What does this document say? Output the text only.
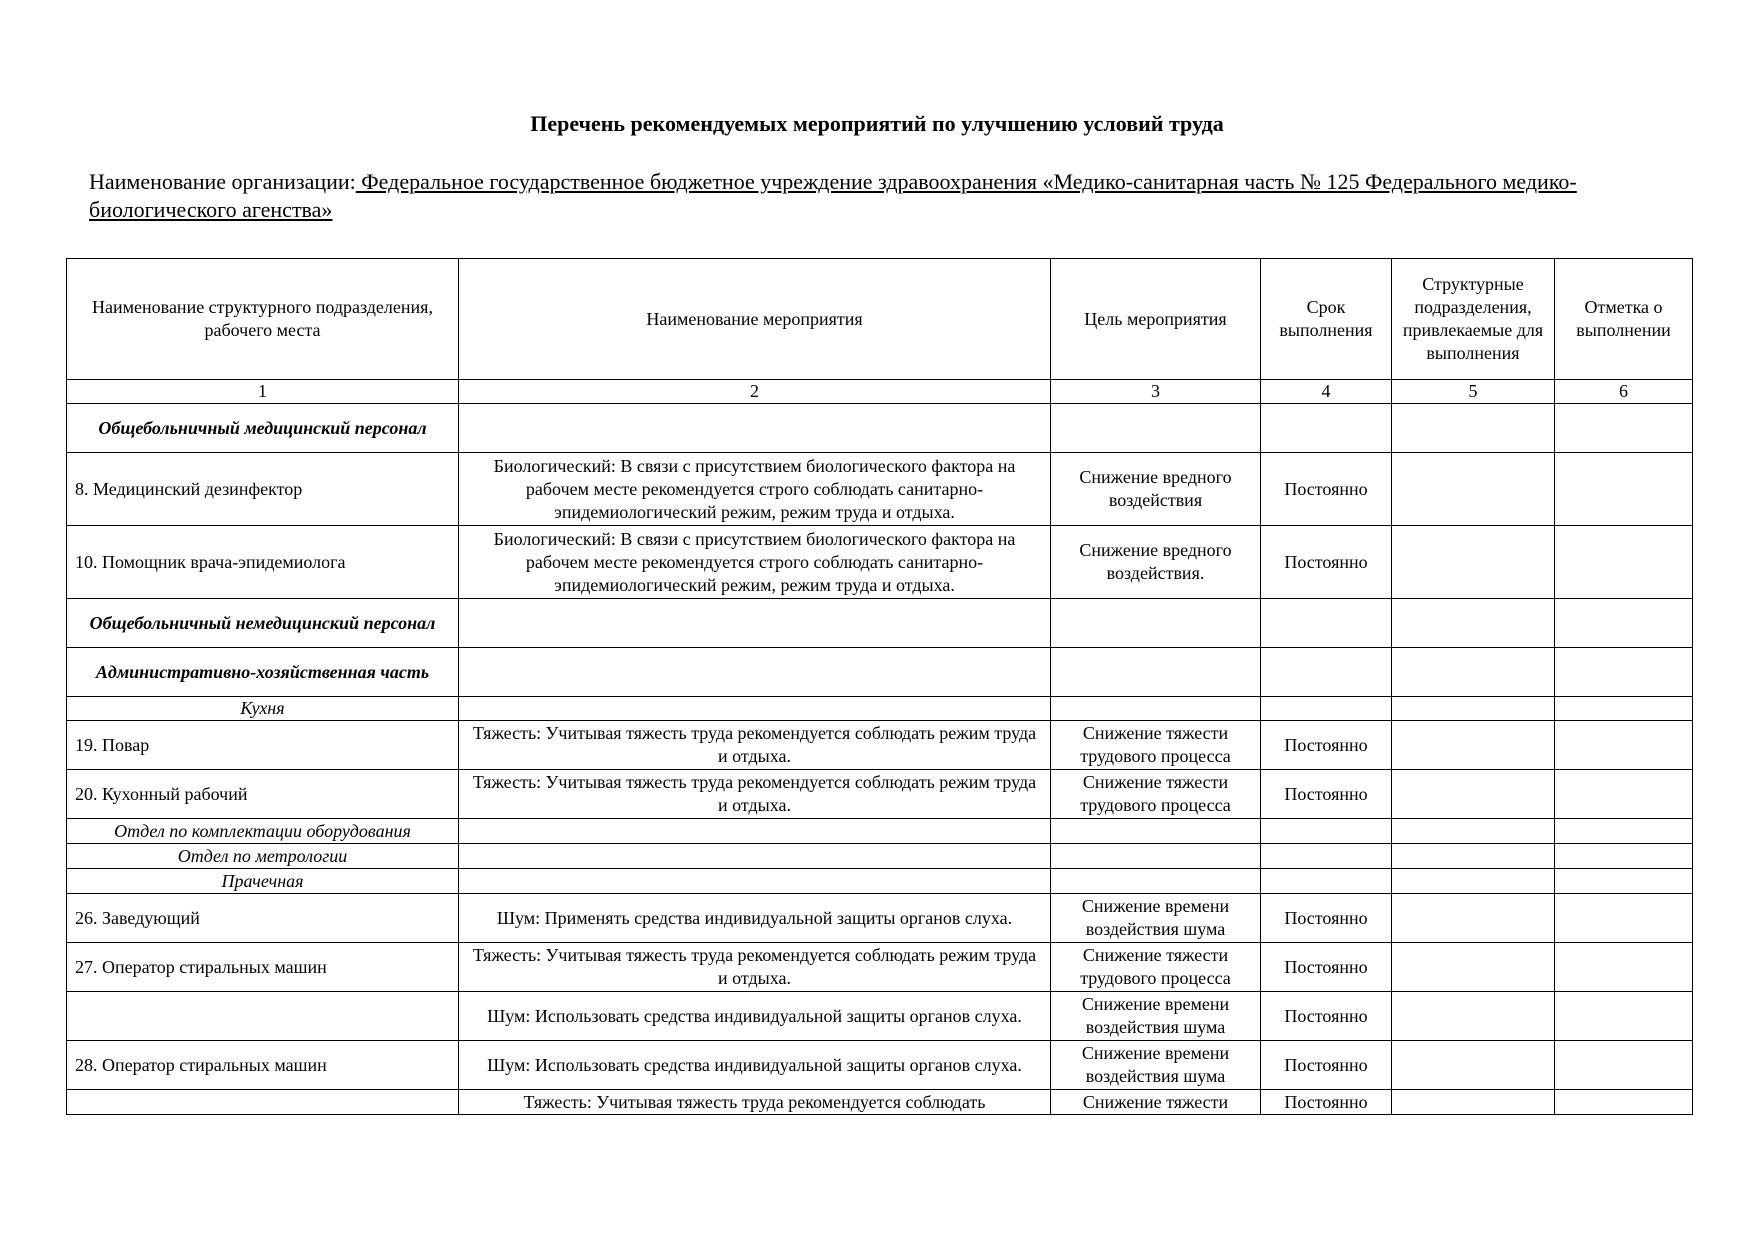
Перечень рекомендуемых мероприятий по улучшению условий труда
Наименование организации: Федеральное государственное бюджетное учреждение здравоохранения «Медико-санитарная часть № 125 Федерального медико-биологического агенства»
Наименование структурного подразделения, рабочего места	Наименование мероприятия	Цель мероприятия	Срок выполнения	Структурные подразделения, привлекаемые для выполнения	Отметка о выполнении
1	2	3	4	5	6
Общебольничный медицинский персонал					
8. Медицинский дезинфектор	Биологический: В связи с присутствием биологического фактора на рабочем месте рекомендуется строго соблюдать санитарно-эпидемиологический режим, режим труда и отдыха.	Снижение вредного воздействия	Постоянно		
10. Помощник врача-эпидемиолога	Биологический: В связи с присутствием биологического фактора на рабочем месте рекомендуется строго соблюдать санитарно-эпидемиологический режим, режим труда и отдыха.	Снижение вредного воздействия.	Постоянно		
Общебольничный немедицинский персонал					
Административно-хозяйственная часть					
Кухня					
19. Повар	Тяжесть: Учитывая тяжесть труда рекомендуется соблюдать режим труда и отдыха.	Снижение тяжести трудового процесса	Постоянно		
20. Кухонный рабочий	Тяжесть: Учитывая тяжесть труда рекомендуется соблюдать режим труда и отдыха.	Снижение тяжести трудового процесса	Постоянно		
Отдел по комплектации оборудования					
Отдел по метрологии					
Прачечная					
26. Заведующий	Шум: Применять средства индивидуальной защиты органов слуха.	Снижение времени воздействия шума	Постоянно		
27. Оператор стиральных машин	Тяжесть: Учитывая тяжесть труда рекомендуется соблюдать режим труда и отдыха.	Снижение тяжести трудового процесса	Постоянно		
	Шум: Использовать средства индивидуальной защиты органов слуха.	Снижение времени воздействия шума	Постоянно		
28. Оператор стиральных машин	Шум: Использовать средства индивидуальной защиты органов слуха.	Снижение времени воздействия шума	Постоянно		
	Тяжесть: Учитывая тяжесть труда рекомендуется соблюдать	Снижение тяжести	Постоянно		
